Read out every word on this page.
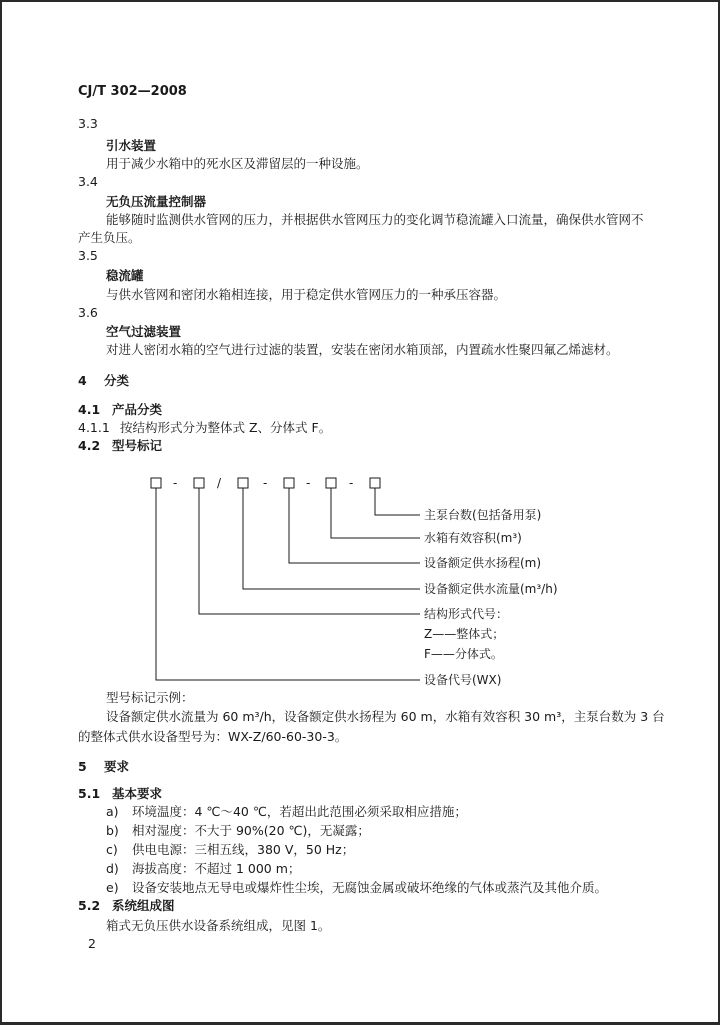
CJ/T 302—2008
3.3
引水装置
用于减少水箱中的死水区及滞留层的一种设施。
3.4
无负压流量控制器
能够随时监测供水管网的压力，并根据供水管网压力的变化调节稳流罐入口流量，确保供水管网不
产生负压。
3.5
稳流罐
与供水管网和密闭水箱相连接，用于稳定供水管网压力的一种承压容器。
3.6
空气过滤装置
对进人密闭水箱的空气进行过滤的装置，安装在密闭水箱顶部，内置疏水性聚四氟乙烯滤材。
4 分类
4.1 产品分类
4.1.1 按结构形式分为整体式 Z、分体式 F。
4.2 型号标记
-	/	-	-	-
主泵台数(包括备用泵)
水箱有效容积(m³)
设备额定供水扬程(m)
设备额定供水流量(m³/h)
结构形式代号：
Z——整体式；
F——分体式。
设备代号(WX)
型号标记示例：
设备额定供水流量为 60 m³/h，设备额定供水扬程为 60 m，水箱有效容积 30 m³，主泵台数为 3 台
的整体式供水设备型号为：WX-Z/60-60-30-3。
5 要求
5.1 基本要求
a) 环境温度：4 ℃～40 ℃，若超出此范围必须采取相应措施；
b) 相对湿度：不大于 90%(20 ℃)，无凝露；
c) 供电电源：三相五线，380 V，50 Hz；
d) 海拔高度：不超过 1 000 m；
e) 设备安装地点无导电或爆炸性尘埃，无腐蚀金属或破坏绝缘的气体或蒸汽及其他介质。
5.2 系统组成图
箱式无负压供水设备系统组成，见图 1。
2
